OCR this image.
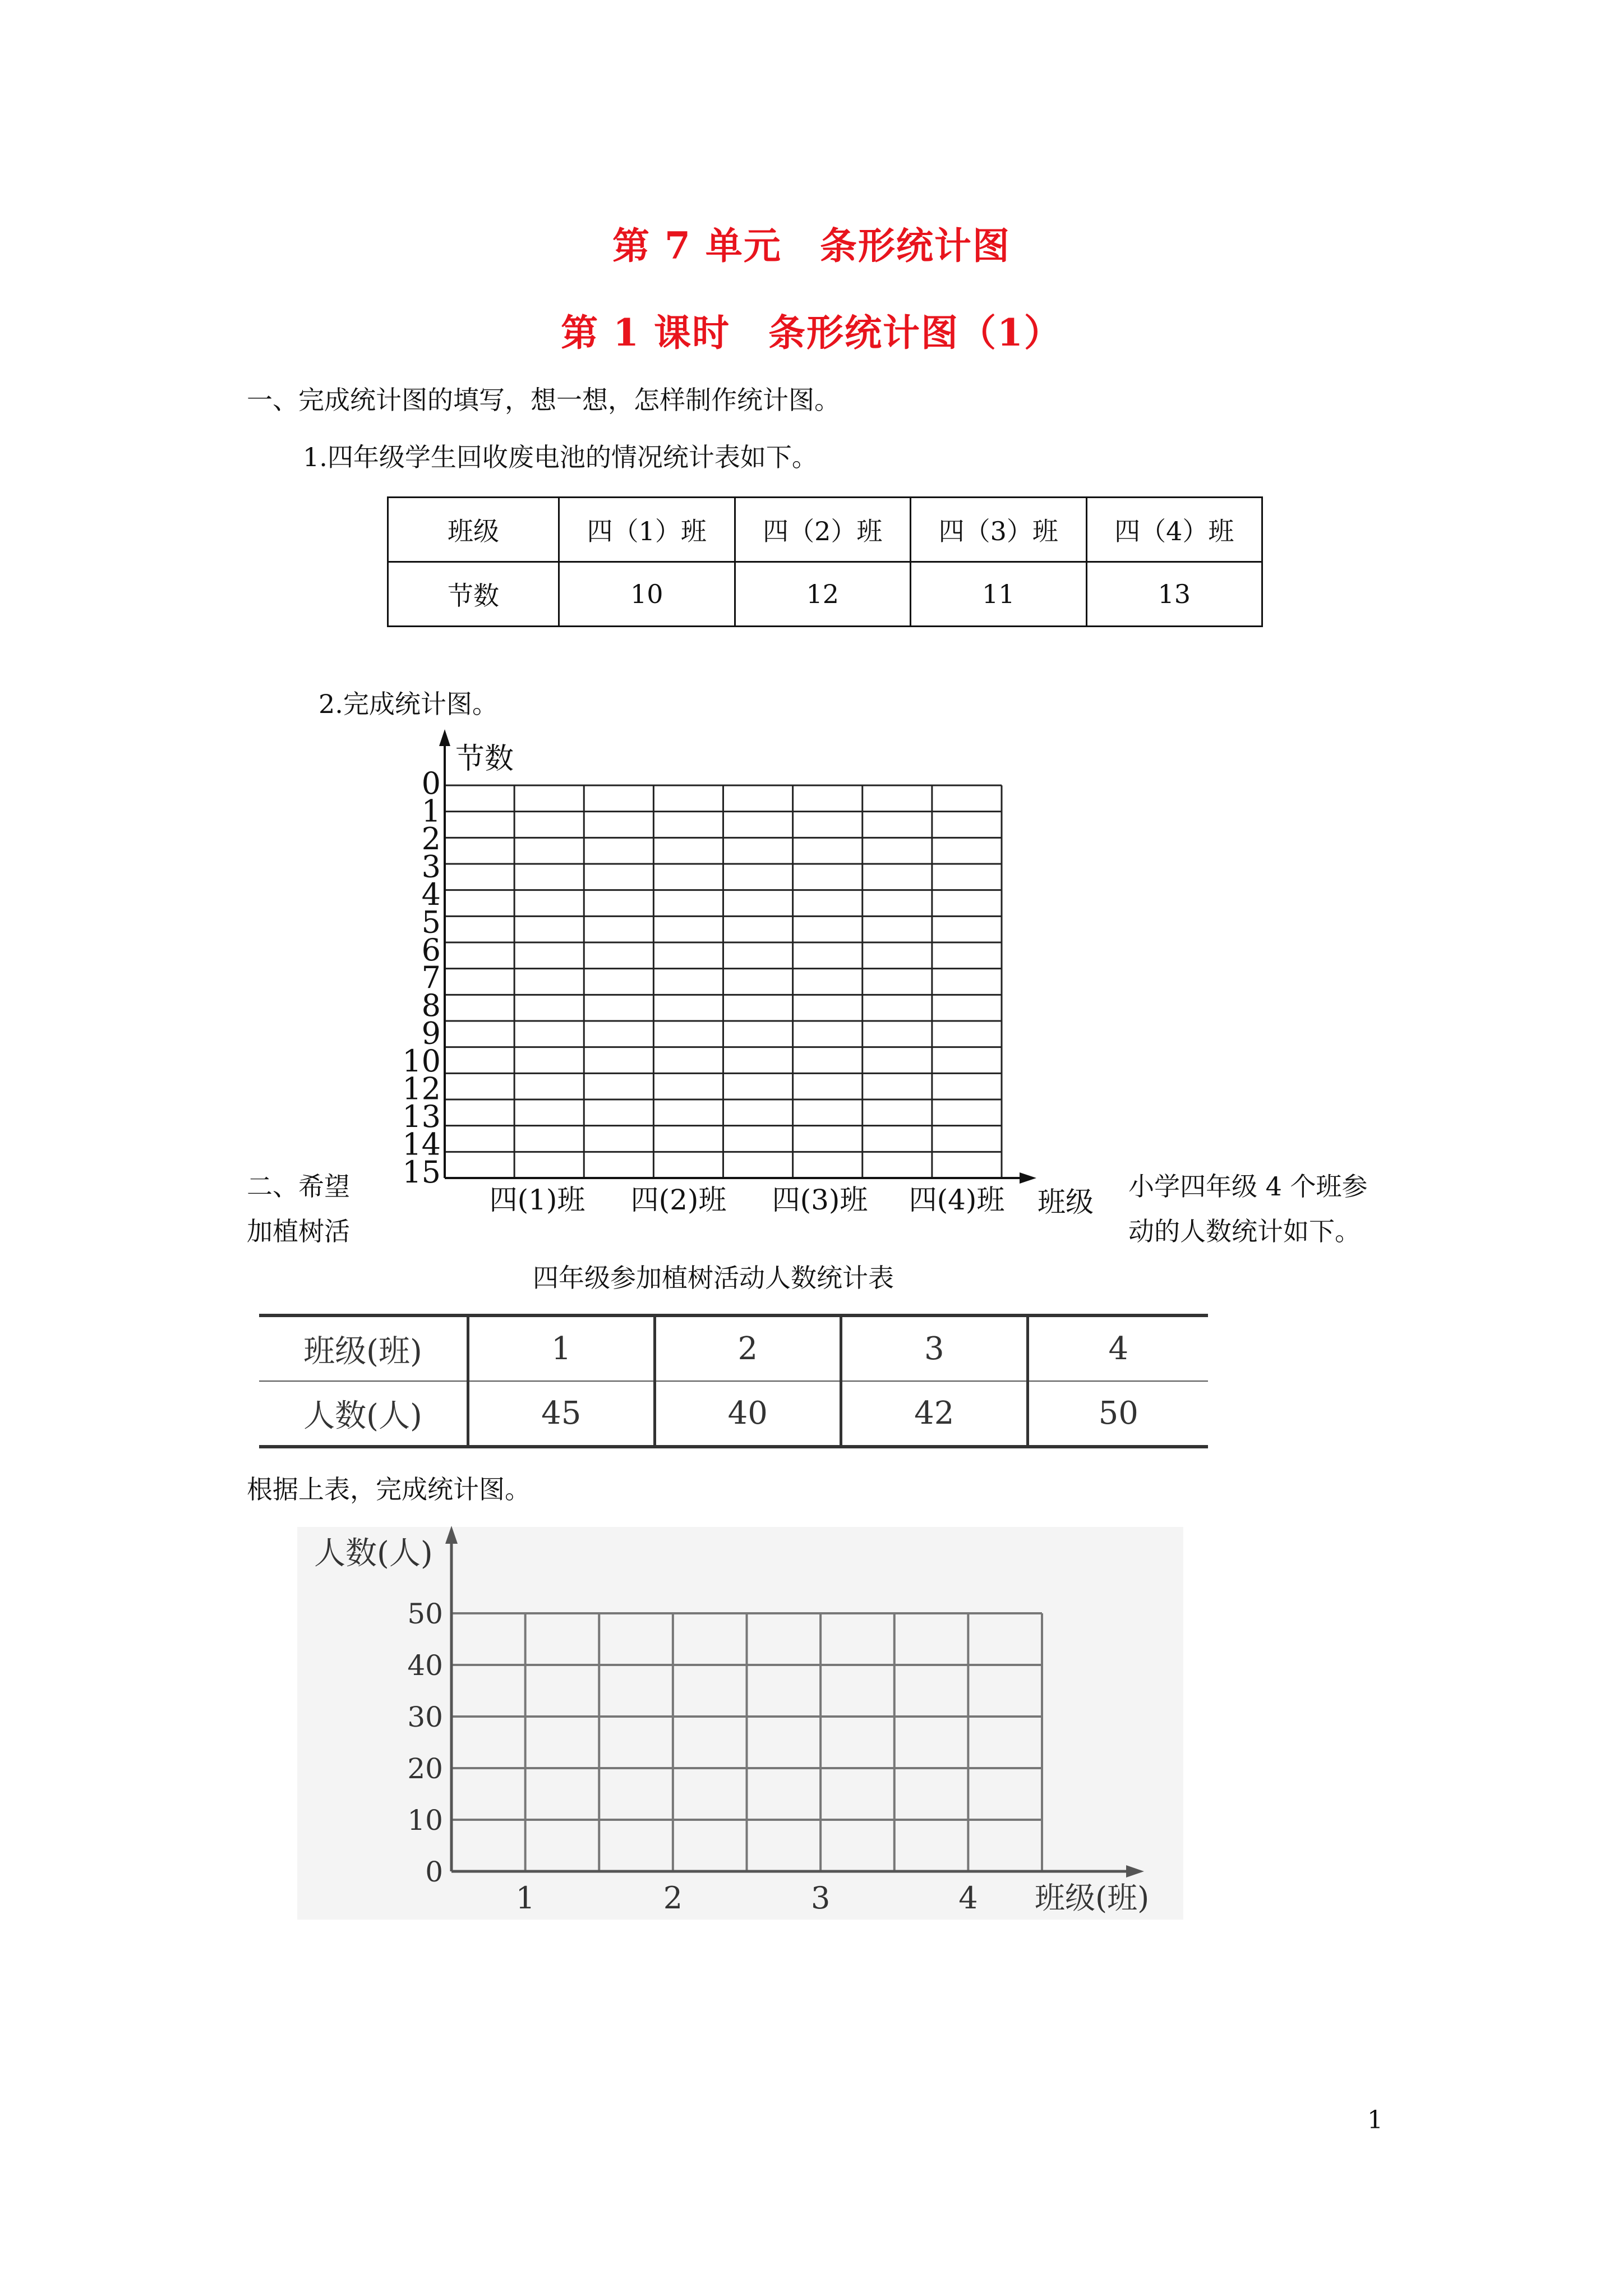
第 7 单元　条形统计图
第 1 课时　条形统计图（1）
一、完成统计图的填写，想一想，怎样制作统计图。
1.四年级学生回收废电池的情况统计表如下。
班级	四（1）班	四（2）班	四（3）班	四（4）班
节数	10	12	11	13
2.完成统计图。
节数
0
1
2
3
4
5
6
7
8
9
10
12
13
14
15
四(1)班 四(2)班 四(3)班 四(4)班 班级
人数(人)
0
10
20
30
40
50
1	2	3	4 班级(班)
二、希望
加植树活
小学四年级 4 个班参
动的人数统计如下。
四年级参加植树活动人数统计表
班级(班)	1	2	3	4
人数(人)	45	40	42	50
根据上表，完成统计图。
1
